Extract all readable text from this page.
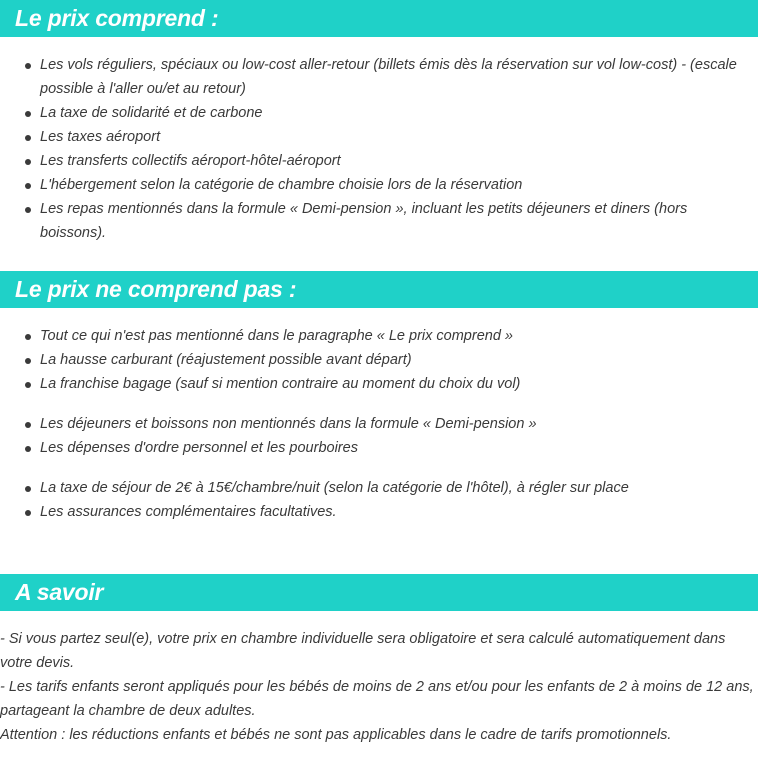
Le prix comprend :
Les vols réguliers, spéciaux ou low-cost aller-retour (billets émis dès la réservation sur vol low-cost) - (escale possible à l'aller ou/et au retour)
La taxe de solidarité et de carbone
Les taxes aéroport
Les transferts collectifs aéroport-hôtel-aéroport
L'hébergement selon la catégorie de chambre choisie lors de la réservation
Les repas mentionnés dans la formule « Demi-pension », incluant les petits déjeuners et diners (hors boissons).
Le prix ne comprend pas :
Tout ce qui n'est pas mentionné dans le paragraphe « Le prix comprend »
La hausse carburant (réajustement possible avant départ)
La franchise bagage (sauf si mention contraire au moment du choix du vol)
Les déjeuners et boissons non mentionnés dans la formule « Demi-pension »
Les dépenses d'ordre personnel et les pourboires
La taxe de séjour de 2€ à 15€/chambre/nuit (selon la catégorie de l'hôtel), à régler sur place
Les assurances complémentaires facultatives.
A savoir

- Si vous partez seul(e), votre prix en chambre individuelle sera obligatoire et sera calculé automatiquement dans votre devis.

- Les tarifs enfants seront appliqués pour les bébés de moins de 2 ans et/ou pour les enfants de 2 à moins de 12 ans, partageant la chambre de deux adultes.

Attention : les réductions enfants et bébés ne sont pas applicables dans le cadre de tarifs promotionnels.
